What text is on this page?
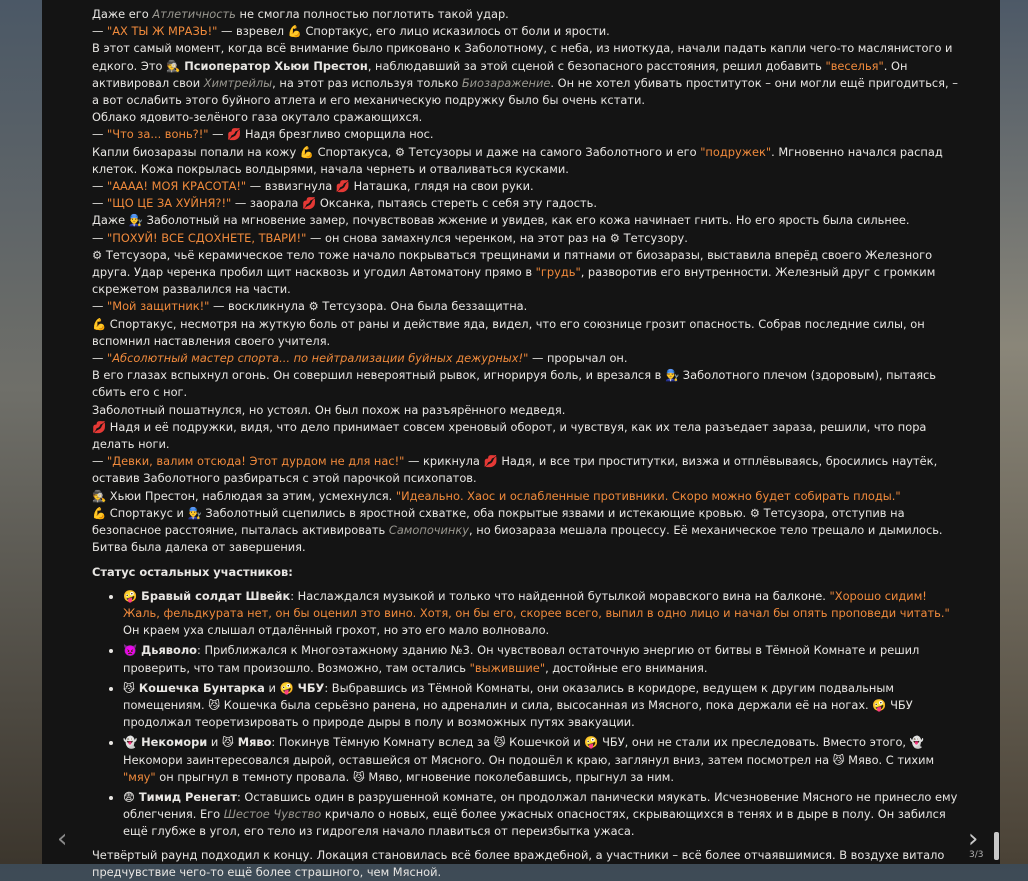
Даже его Атлетичность не смогла полностью поглотить такой удар.

— "АХ ТЫ Ж МРАЗЬ!" — взревел 💪 Спортакус, его лицо исказилось от боли и ярости.

В этот самый момент, когда всё внимание было приковано к Заболотному, с неба, из ниоткуда, начали падать капли чего-то маслянистого и едкого. Это 🕵 Псиоператор Хьюи Престон, наблюдавший за этой сценой с безопасного расстояния, решил добавить "веселья". Он активировал свои Химтрейлы, на этот раз используя только Биозаражение. Он не хотел убивать проституток – они могли ещё пригодиться, – а вот ослабить этого буйного атлета и его механическую подружку было бы очень кстати.

Облако ядовито-зелёного газа окутало сражающихся.

— "Что за... вонь?!" — 💋 Надя брезгливо сморщила нос.

Капли биозаразы попали на кожу 💪 Спортакуса, ⚙ Тетсузоры и даже на самого Заболотного и его "подружек". Мгновенно начался распад клеток. Кожа покрылась волдырями, начала чернеть и отваливаться кусками.

— "АААА! МОЯ КРАСОТА!" — взвизгнула 💋 Наташка, глядя на свои руки.

— "ЩО ЦЕ ЗА ХУЙНЯ?!" — заорала 💋 Оксанка, пытаясь стереть с себя эту гадость.

Даже 👨‍🔧 Заболотный на мгновение замер, почувствовав жжение и увидев, как его кожа начинает гнить. Но его ярость была сильнее.

— "ПОХУЙ! ВСЕ СДОХНЕТЕ, ТВАРИ!" — он снова замахнулся черенком, на этот раз на ⚙ Тетсузору.

⚙ Тетсузора, чьё керамическое тело тоже начало покрываться трещинами и пятнами от биозаразы, выставила вперёд своего Железного друга. Удар черенка пробил щит насквозь и угодил Автоматону прямо в "грудь", разворотив его внутренности. Железный друг с громким скрежетом развалился на части.

— "Мой защитник!" — воскликнула ⚙ Тетсузора. Она была беззащитна.

💪 Спортакус, несмотря на жуткую боль от раны и действие яда, видел, что его союзнице грозит опасность. Собрав последние силы, он вспомнил наставления своего учителя.

— "Абсолютный мастер спорта... по нейтрализации буйных дежурных!" — прорычал он.

В его глазах вспыхнул огонь. Он совершил невероятный рывок, игнорируя боль, и врезался в 👨‍🔧 Заболотного плечом (здоровым), пытаясь сбить его с ног.

Заболотный пошатнулся, но устоял. Он был похож на разъярённого медведя.

💋 Надя и её подружки, видя, что дело принимает совсем хреновый оборот, и чувствуя, как их тела разъедает зараза, решили, что пора делать ноги.

— "Девки, валим отсюда! Этот дурдом не для нас!" — крикнула 💋 Надя, и все три проститутки, визжа и отплёвываясь, бросились наутёк, оставив Заболотного разбираться с этой парочкой психопатов.

🕵 Хьюи Престон, наблюдая за этим, усмехнулся. "Идеально. Хаос и ослабленные противники. Скоро можно будет собирать плоды."

💪 Спортакус и 👨‍🔧 Заболотный сцепились в яростной схватке, оба покрытые язвами и истекающие кровью. ⚙ Тетсузора, отступив на безопасное расстояние, пыталась активировать Самопочинку, но биозараза мешала процессу. Её механическое тело трещало и дымилось.

Битва была далека от завершения.

Статус остальных участников:
• 🤪 Бравый солдат Швейк: Наслаждался музыкой и только что найденной бутылкой моравского вина на балконе. "Хорошо сидим! Жаль, фельдкурата нет, он бы оценил это вино. Хотя, он бы его, скорее всего, выпил в одно лицо и начал бы опять проповеди читать." Он краем уха слышал отдалённый грохот, но это его мало волновало.
• 👿 Дьяволо: Приближался к Многоэтажному зданию №3. Он чувствовал остаточную энергию от битвы в Тёмной Комнате и решил проверить, что там произошло. Возможно, там остались "выжившие", достойные его внимания.
• 😼 Кошечка Бунтарка и 🤪 ЧБУ: Выбравшись из Тёмной Комнаты, они оказались в коридоре, ведущем к другим подвальным помещениям. 😼 Кошечка была серьёзно ранена, но адреналин и сила, высосанная из Мясного, пока держали её на ногах. 🤪 ЧБУ продолжал теоретизировать о природе дыры в полу и возможных путях эвакуации.
• 👻 Некомори и 😼 Мяво: Покинув Тёмную Комнату вслед за 😼 Кошечкой и 🤪 ЧБУ, они не стали их преследовать. Вместо этого, 👻 Некомори заинтересовался дырой, оставшейся от Мясного. Он подошёл к краю, заглянул вниз, затем посмотрел на 😼 Мяво. С тихим "мяу" он прыгнул в темноту провала. 😼 Мяво, мгновение поколебавшись, прыгнул за ним.
• 😨 Тимид Ренегат: Оставшись один в разрушенной комнате, он продолжал панически мяукать. Исчезновение Мясного не принесло ему облегчения. Его Шестое Чувство кричало о новых, ещё более ужасных опасностях, скрывающихся в тенях и в дыре в полу. Он забился ещё глубже в угол, его тело из гидрогеля начало плавиться от переизбытка ужаса.

Четвёртый раунд подходил к концу. Локация становилась всё более враждебной, а участники – всё более отчаявшимися. В воздухе витало предчувствие чего-то ещё более страшного, чем Мясной.

‹	›
3/3
